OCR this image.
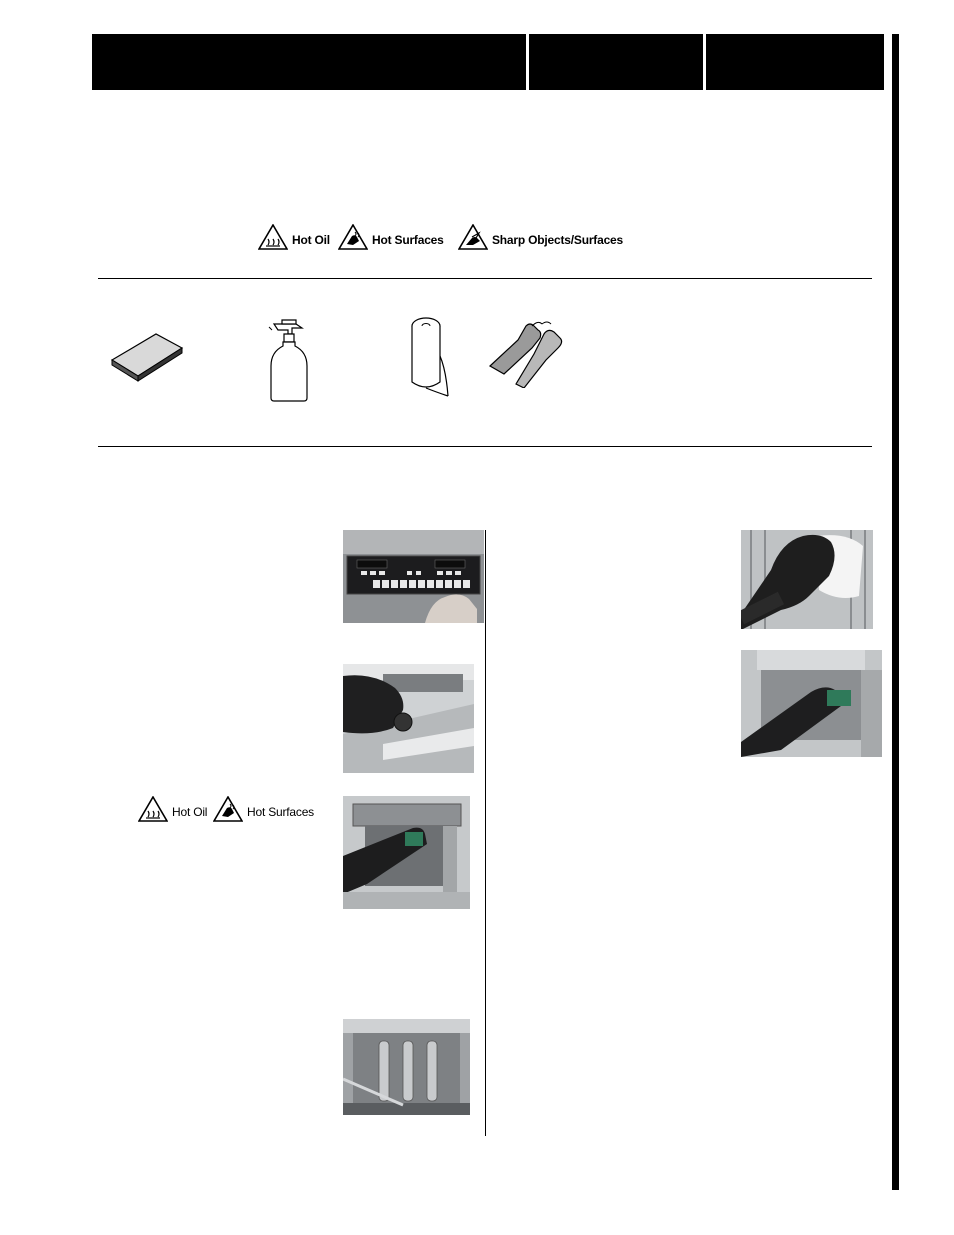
Hot Oil	Hot Surfaces	Sharp Objects/Surfaces
Hot Oil	Hot Surfaces
